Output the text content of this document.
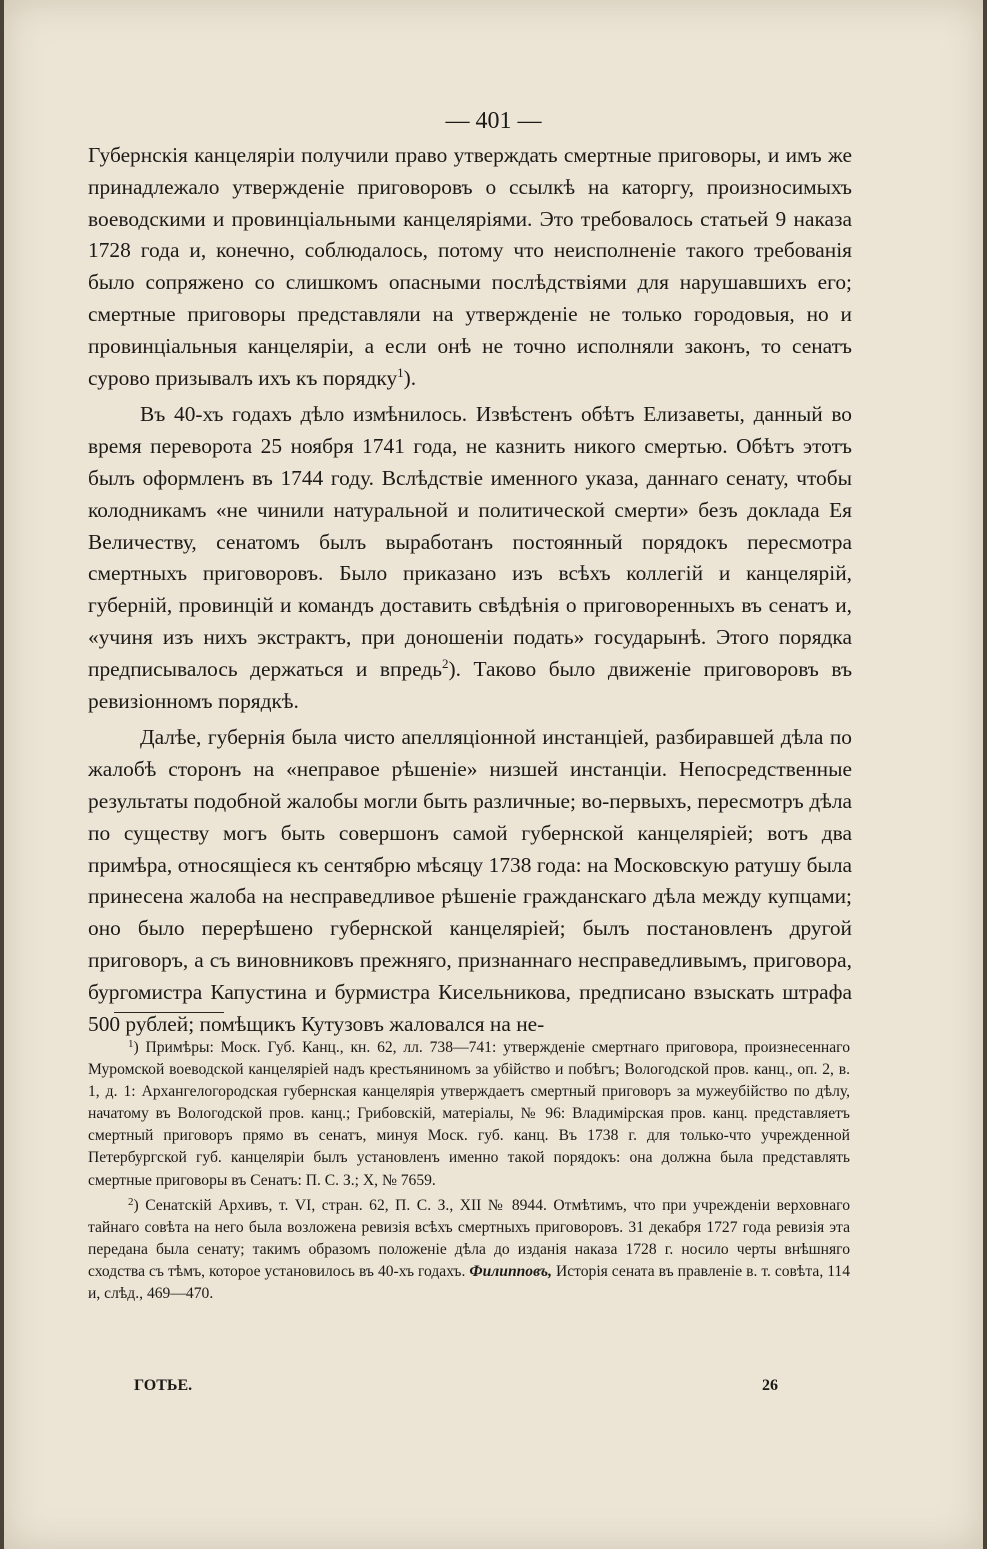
— 401 —

Губернскія канцеляріи получили право утверждать смертные приговоры, и имъ же принадлежало утвержденіе приговоровъ о ссылкѣ на каторгу, произносимыхъ воеводскими и провинціальными канцеляріями. Это требовалось статьей 9 наказа 1728 года и, конечно, соблюдалось, потому что неисполненіе такого требованія было сопряжено со слишкомъ опасными послѣдствіями для нарушавшихъ его; смертные приговоры представляли на утвержденіе не только городовыя, но и провинціальныя канцеляріи, а если онѣ не точно исполняли законъ, то сенатъ сурово призывалъ ихъ къ порядку$^1$).

Въ 40-хъ годахъ дѣло измѣнилось. Извѣстенъ обѣтъ Елизаветы, данный во время переворота 25 ноября 1741 года, не казнить никого смертью. Обѣтъ этотъ былъ оформленъ въ 1744 году. Вслѣдствіе именного указа, даннаго сенату, чтобы колодникамъ «не чинили натуральной и политической смерти» безъ доклада Ея Величеству, сенатомъ былъ выработанъ постоянный порядокъ пересмотра смертныхъ приговоровъ. Было приказано изъ всѣхъ коллегій и канцелярій, губерній, провинцій и командъ доставить свѣдѣнія о приговоренныхъ въ сенатъ и, «учиня изъ нихъ экстрактъ, при доношеніи подать» государынѣ. Этого порядка предписывалось держаться и впредь$^2$). Таково было движеніе приговоровъ въ ревизіонномъ порядкѣ.

Далѣе, губернія была чисто апелляціонной инстанціей, разбиравшей дѣла по жалобѣ сторонъ на «неправое рѣшеніе» низшей инстанціи. Непосредственные результаты подобной жалобы могли быть различные; во-первыхъ, пересмотръ дѣла по существу могъ быть совершонъ самой губернской канцеляріей; вотъ два примѣра, относящіеся къ сентябрю мѣсяцу 1738 года: на Московскую ратушу была принесена жалоба на несправедливое рѣшеніе гражданскаго дѣла между купцами; оно было перерѣшено губернской канцеляріей; былъ постановленъ другой приговоръ, а съ виновниковъ прежняго, признаннаго несправедливымъ, приговора, бургомистра Капустина и бурмистра Кисельникова, предписано взыскать штрафа 500 рублей; помѣщикъ Кутузовъ жаловался на не-

$^1$) Примѣры: Моск. Губ. Канц., кн. 62, лл. 738—741: утвержденіе смертнаго приговора, произнесеннаго Муромской воеводской канцеляріей надъ крестьяниномъ за убійство и побѣгъ; Вологодской пров. канц., оп. 2, в. 1, д. 1: Архангелогородская губернская канцелярія утверждаетъ смертный приговоръ за мужеубійство по дѣлу, начатому въ Вологодской пров. канц.; Грибовскій, матеріалы, № 96: Владимірская пров. канц. представляетъ смертный приговоръ прямо въ сенатъ, минуя Моск. губ. канц. Въ 1738 г. для только-что учрежденной Петербургской губ. канцеляріи былъ установленъ именно такой порядокъ: она должна была представлять смертные приговоры въ Сенатъ: П. С. З.; X, № 7659.

$^2$) Сенатскій Архивъ, т. VI, стран. 62, П. С. З., XII № 8944. Отмѣтимъ, что при учрежденіи верховнаго тайнаго совѣта на него была возложена ревизія всѣхъ смертныхъ приговоровъ. 31 декабря 1727 года ревизія эта передана была сенату; такимъ образомъ положеніе дѣла до изданія наказа 1728 г. носило черты внѣшняго сходства съ тѣмъ, которое установилось въ 40-хъ годахъ. Филипповъ, Исторія сената въ правленіе в. т. совѣта, 114 и, слѣд., 469—470.

ГОТЬЕ.	26
